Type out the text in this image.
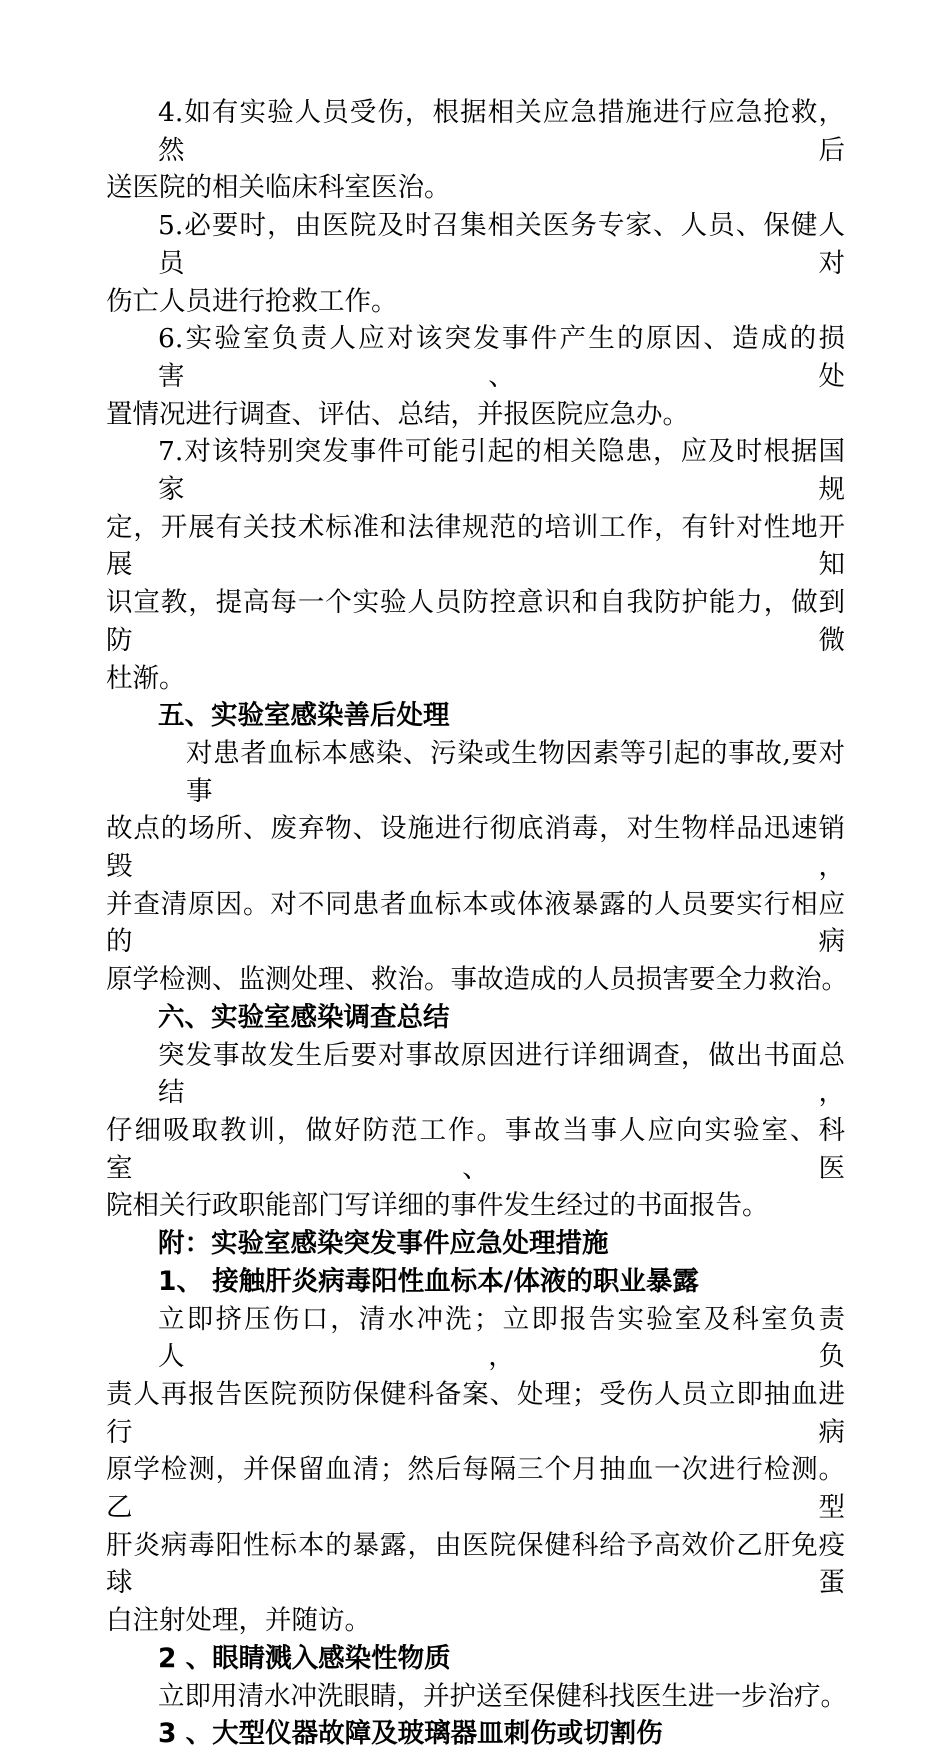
4.如有实验人员受伤，根据相关应急措施进行应急抢救，然后

送医院的相关临床科室医治。

5.必要时，由医院及时召集相关医务专家、人员、保健人员对

伤亡人员进行抢救工作。

6.实验室负责人应对该突发事件产生的原因、造成的损害、处

置情况进行调查、评估、总结，并报医院应急办。

7.对该特别突发事件可能引起的相关隐患，应及时根据国家规

定，开展有关技术标准和法律规范的培训工作，有针对性地开展知

识宣教，提高每一个实验人员防控意识和自我防护能力，做到防微

杜渐。

五、实验室感染善后处理

对患者血标本感染、污染或生物因素等引起的事故,要对事

故点的场所、废弃物、设施进行彻底消毒，对生物样品迅速销毁，

并查清原因。对不同患者血标本或体液暴露的人员要实行相应的病

原学检测、监测处理、救治。事故造成的人员损害要全力救治。

六、实验室感染调查总结

突发事故发生后要对事故原因进行详细调查，做出书面总结，

仔细吸取教训，做好防范工作。事故当事人应向实验室、科室、医

院相关行政职能部门写详细的事件发生经过的书面报告。

附：实验室感染突发事件应急处理措施

1、 接触肝炎病毒阳性血标本/体液的职业暴露

立即挤压伤口，清水冲洗；立即报告实验室及科室负责人，负

责人再报告医院预防保健科备案、处理；受伤人员立即抽血进行病

原学检测，并保留血清；然后每隔三个月抽血一次进行检测。乙型

肝炎病毒阳性标本的暴露，由医院保健科给予高效价乙肝免疫球蛋

白注射处理，并随访。

2 、眼睛溅入感染性物质

立即用清水冲洗眼睛，并护送至保健科找医生进一步治疗。

3 、大型仪器故障及玻璃器皿刺伤或切割伤
